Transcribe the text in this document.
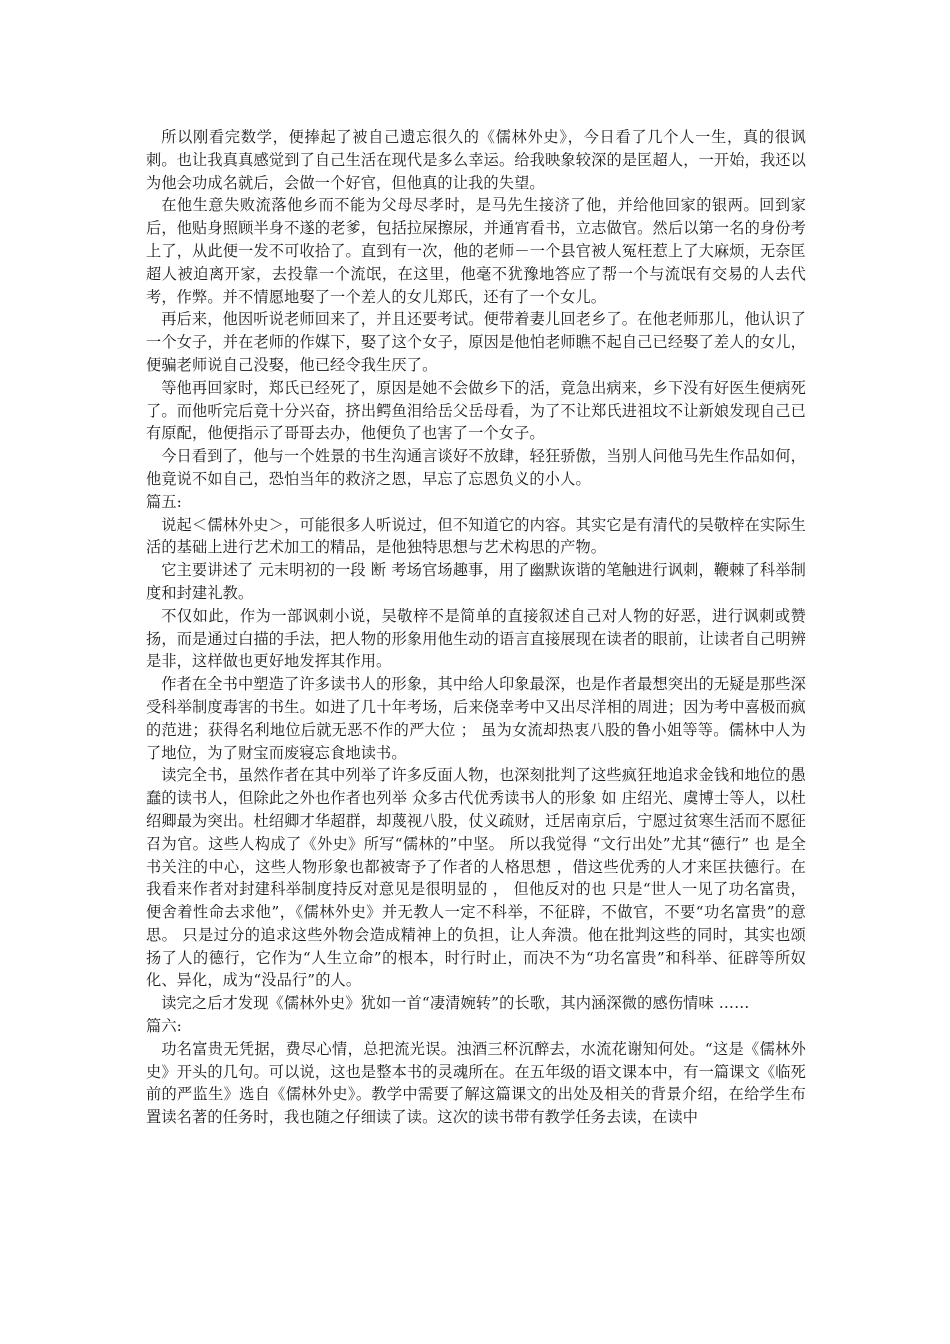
所以刚看完数学，便捧起了被自己遗忘很久的《儒林外史》，今日看了几个人一生，真的很讽刺。也让我真真感觉到了自己生活在现代是多么幸运。给我映象较深的是匡超人，一开始，我还以为他会功成名就后，会做一个好官，但他真的让我的失望。

在他生意失败流落他乡而不能为父母尽孝时，是马先生接济了他，并给他回家的银两。回到家后，他贴身照顾半身不遂的老爹，包括拉屎擦尿，并通宵看书，立志做官。然后以第一名的身份考上了，从此便一发不可收拾了。直到有一次，他的老师－一个县官被人冤枉惹上了大麻烦，无奈匡超人被迫离开家，去投靠一个流氓，在这里，他毫不犹豫地答应了帮一个与流氓有交易的人去代考，作弊。并不情愿地娶了一个差人的女儿郑氏，还有了一个女儿。

再后来，他因听说老师回来了，并且还要考试。便带着妻儿回老乡了。在他老师那儿，他认识了一个女子，并在老师的作媒下，娶了这个女子，原因是他怕老师瞧不起自己已经娶了差人的女儿，便骗老师说自己没娶，他已经令我生厌了。

等他再回家时，郑氏已经死了，原因是她不会做乡下的活，竟急出病来，乡下没有好医生便病死了。而他听完后竟十分兴奋，挤出鳄鱼泪给岳父岳母看，为了不让郑氏进祖坟不让新娘发现自己已有原配，他便指示了哥哥去办，他便负了也害了一个女子。

今日看到了，他与一个姓景的书生沟通言谈好不放肆，轻狂骄傲，当别人问他马先生作品如何，他竟说不如自己，恐怕当年的救济之恩，早忘了忘恩负义的小人。

篇五:

说起＜儒林外史＞，可能很多人听说过，但不知道它的内容。其实它是有清代的吴敬梓在实际生活的基础上进行艺术加工的精品，是他独特思想与艺术构思的产物。

它主要讲述了 元末明初的一段 断 考场官场趣事，用了幽默诙谐的笔触进行讽刺，鞭棘了科举制度和封建礼教。

不仅如此，作为一部讽刺小说，吴敬梓不是简单的直接叙述自己对人物的好恶，进行讽刺或赞扬，而是通过白描的手法，把人物的形象用他生动的语言直接展现在读者的眼前，让读者自己明辨是非，这样做也更好地发挥其作用。

作者在全书中塑造了许多读书人的形象，其中给人印象最深，也是作者最想突出的无疑是那些深受科举制度毒害的书生。如进了几十年考场，后来侥幸考中又出尽洋相的周进；因为考中喜极而疯的范进；获得名利地位后就无恶不作的严大位 ； 虽为女流却热衷八股的鲁小姐等等。儒林中人为了地位，为了财宝而废寝忘食地读书。

读完全书，虽然作者在其中列举了许多反面人物，也深刻批判了这些疯狂地追求金钱和地位的愚蠢的读书人，但除此之外也作者也列举 众多古代优秀读书人的形象 如 庄绍光、虞博士等人，以杜绍卿最为突出。杜绍卿才华超群，却蔑视八股，仗义疏财，迁居南京后，宁愿过贫寒生活而不愿征召为官。这些人构成了《外史》所写“儒林的”中坚。 所以我觉得 “文行出处”尤其“德行” 也 是全书关注的中心，这些人物形象也都被寄予了作者的人格思想 ，借这些优秀的人才来匡扶德行。在我看来作者对封建科举制度持反对意见是很明显的 ， 但他反对的也 只是“世人一见了功名富贵，便舍着性命去求他”，《儒林外史》并无教人一定不科举，不征辟，不做官，不要“功名富贵”的意思。 只是过分的追求这些外物会造成精神上的负担，让人奔溃。他在批判这些的同时，其实也颂扬了人的德行，它作为“人生立命”的根本，时行时止，而决不为“功名富贵”和科举、征辟等所奴化、异化，成为“没品行”的人。

读完之后才发现《儒林外史》犹如一首“凄清婉转”的长歌，其内涵深微的感伤情味 ……

篇六:

功名富贵无凭据，费尽心情，总把流光误。浊酒三杯沉醉去，水流花谢知何处。“这是《儒林外史》开头的几句。可以说，这也是整本书的灵魂所在。在五年级的语文课本中，有一篇课文《临死前的严监生》选自《儒林外史》。教学中需要了解这篇课文的出处及相关的背景介绍，在给学生布置读名著的任务时，我也随之仔细读了读。这次的读书带有教学任务去读，在读中
